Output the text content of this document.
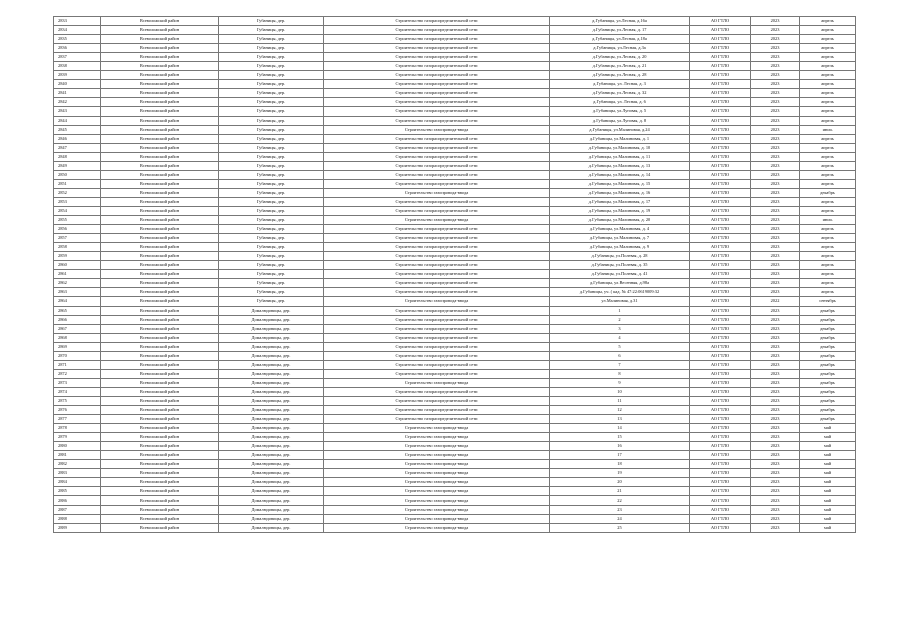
2833	Всеволожский район	Губаницы, дер.	Строительство газораспределительной сети	д.Губаницы, ул.Лесная, д.16а	АО ГТЛО	2023	апрель
2834	Всеволожский район	Губаницы, дер.	Строительство газораспределительной сети	д.Губаницы, ул.Лесная, д. 17	АО ГТЛО	2023	апрель
2835	Всеволожский район	Губаницы, дер.	Строительство газораспределительной сети	д.Губаницы, ул.Лесная, д.18а	АО ГТЛО	2023	апрель
2836	Всеволожский район	Губаницы, дер.	Строительство газораспределительной сети	д.Губаницы, ул.Лесная, д.3а	АО ГТЛО	2023	апрель
2837	Всеволожский район	Губаницы, дер.	Строительство газораспределительной сети	д.Губаницы, ул.Лесная, д. 20	АО ГТЛО	2023	апрель
2838	Всеволожский район	Губаницы, дер.	Строительство газораспределительной сети	д.Губаницы, ул.Лесная, д. 21	АО ГТЛО	2023	апрель
2839	Всеволожский район	Губаницы, дер.	Строительство газораспределительной сети	д.Губаницы, ул.Лесная, д. 28	АО ГТЛО	2023	апрель
2840	Всеволожский район	Губаницы, дер.	Строительство газораспределительной сети	д.Губаницы, ул. Лесная, д. 3	АО ГТЛО	2023	апрель
2841	Всеволожский район	Губаницы, дер.	Строительство газораспределительной сети	д.Губаницы, ул.Лесная, д. 32	АО ГТЛО	2023	апрель
2842	Всеволожский район	Губаницы, дер.	Строительство газораспределительной сети	д.Губаницы, ул. Лесная, д. 6	АО ГТЛО	2023	апрель
2843	Всеволожский район	Губаницы, дер.	Строительство газораспределительной сети	д.Губаницы, ул.Луговая, д. 5	АО ГТЛО	2023	апрель
2844	Всеволожский район	Губаницы, дер.	Строительство газораспределительной сети	д.Губаницы, ул.Луговая, д. 8	АО ГТЛО	2023	апрель
2845	Всеволожский район	Губаницы, дер.	Строительство газопровода-ввода	д.Губаницы, ул.Малиновая, д.24	АО ГТЛО	2023	июль
2846	Всеволожский район	Губаницы, дер.	Строительство газораспределительной сети	д.Губаницы, ул.Малиновая, д. 1	АО ГТЛО	2023	апрель
2847	Всеволожский район	Губаницы, дер.	Строительство газораспределительной сети	д.Губаницы, ул.Малиновая, д. 10	АО ГТЛО	2023	апрель
2848	Всеволожский район	Губаницы, дер.	Строительство газораспределительной сети	д.Губаницы, ул.Малиновая, д. 11	АО ГТЛО	2023	апрель
2849	Всеволожский район	Губаницы, дер.	Строительство газораспределительной сети	д.Губаницы, ул.Малиновая, д. 13	АО ГТЛО	2023	апрель
2850	Всеволожский район	Губаницы, дер.	Строительство газораспределительной сети	д.Губаницы, ул.Малиновая, д. 14	АО ГТЛО	2023	апрель
2851	Всеволожский район	Губаницы, дер.	Строительство газораспределительной сети	д.Губаницы, ул.Малиновая, д. 15	АО ГТЛО	2023	апрель
2852	Всеволожский район	Губаницы, дер.	Строительство газопровода-ввода	д.Губаницы, ул.Малиновая, д. 16	АО ГТЛО	2023	декабрь
2853	Всеволожский район	Губаницы, дер.	Строительство газораспределительной сети	д.Губаницы, ул.Малиновая, д. 17	АО ГТЛО	2023	апрель
2854	Всеволожский район	Губаницы, дер.	Строительство газораспределительной сети	д.Губаницы, ул.Малиновая, д. 19	АО ГТЛО	2023	апрель
2855	Всеволожский район	Губаницы, дер.	Строительство газопровода-ввода	д.Губаницы, ул.Малиновая, д. 20	АО ГТЛО	2023	июль
2856	Всеволожский район	Губаницы, дер.	Строительство газораспределительной сети	д.Губаницы, ул.Малиновая, д. 4	АО ГТЛО	2023	апрель
2857	Всеволожский район	Губаницы, дер.	Строительство газораспределительной сети	д.Губаницы, ул.Малиновая, д. 7	АО ГТЛО	2023	апрель
2858	Всеволожский район	Губаницы, дер.	Строительство газораспределительной сети	д.Губаницы, ул.Малиновая, д. 9	АО ГТЛО	2023	апрель
2859	Всеволожский район	Губаницы, дер.	Строительство газораспределительной сети	д.Губаницы, ул.Полевая, д. 28	АО ГТЛО	2023	апрель
2860	Всеволожский район	Губаницы, дер.	Строительство газораспределительной сети	д.Губаницы, ул.Полевая, д. 35	АО ГТЛО	2023	апрель
2861	Всеволожский район	Губаницы, дер.	Строительство газораспределительной сети	д.Губаницы, ул.Полевая, д. 41	АО ГТЛО	2023	апрель
2862	Всеволожский район	Губаницы, дер.	Строительство газораспределительной сети	д.Губаницы, ул.Весенняя, д.98а	АО ГТЛО	2023	апрель
2863	Всеволожский район	Губаницы, дер.	Строительство газораспределительной сети	д.Губаницы, уч. ( кад. № 47:22:0619009:32	АО ГТЛО	2023	апрель
2864	Всеволожский район	Губаницы, дер.	Строительство газопровода-ввода	ул.Малиновая, д.31	АО ГТЛО	2022	сентябрь
2865	Всеволожский район	Домалюдовицы, дер.	Строительство газораспределительной сети	1	АО ГТЛО	2023	декабрь
2866	Всеволожский район	Домалюдовицы, дер.	Строительство газораспределительной сети	2	АО ГТЛО	2023	декабрь
2867	Всеволожский район	Домалюдовицы, дер.	Строительство газораспределительной сети	3	АО ГТЛО	2023	декабрь
2868	Всеволожский район	Домалюдовицы, дер.	Строительство газораспределительной сети	4	АО ГТЛО	2023	декабрь
2869	Всеволожский район	Домалюдовицы, дер.	Строительство газораспределительной сети	5	АО ГТЛО	2023	декабрь
2870	Всеволожский район	Домалюдовицы, дер.	Строительство газораспределительной сети	6	АО ГТЛО	2023	декабрь
2871	Всеволожский район	Домалюдовицы, дер.	Строительство газораспределительной сети	7	АО ГТЛО	2023	декабрь
2872	Всеволожский район	Домалюдовицы, дер.	Строительство газораспределительной сети	8	АО ГТЛО	2023	декабрь
2873	Всеволожский район	Домалюдовицы, дер.	Строительство газопровода-ввода	9	АО ГТЛО	2023	декабрь
2874	Всеволожский район	Домалюдовицы, дер.	Строительство газораспределительной сети	10	АО ГТЛО	2023	декабрь
2875	Всеволожский район	Домалюдовицы, дер.	Строительство газораспределительной сети	11	АО ГТЛО	2023	декабрь
2876	Всеволожский район	Домалюдовицы, дер.	Строительство газораспределительной сети	12	АО ГТЛО	2023	декабрь
2877	Всеволожский район	Домалюдовицы, дер.	Строительство газораспределительной сети	13	АО ГТЛО	2023	декабрь
2878	Всеволожский район	Домалюдовицы, дер.	Строительство газопровода-ввода	14	АО ГТЛО	2023	май
2879	Всеволожский район	Домалюдовицы, дер.	Строительство газопровода-ввода	15	АО ГТЛО	2023	май
2880	Всеволожский район	Домалюдовицы, дер.	Строительство газопровода-ввода	16	АО ГТЛО	2023	май
2881	Всеволожский район	Домалюдовицы, дер.	Строительство газопровода-ввода	17	АО ГТЛО	2023	май
2882	Всеволожский район	Домалюдовицы, дер.	Строительство газопровода-ввода	18	АО ГТЛО	2023	май
2883	Всеволожский район	Домалюдовицы, дер.	Строительство газопровода-ввода	19	АО ГТЛО	2023	май
2884	Всеволожский район	Домалюдовицы, дер.	Строительство газопровода-ввода	20	АО ГТЛО	2023	май
2885	Всеволожский район	Домалюдовицы, дер.	Строительство газопровода-ввода	21	АО ГТЛО	2023	май
2886	Всеволожский район	Домалюдовицы, дер.	Строительство газопровода-ввода	22	АО ГТЛО	2023	май
2887	Всеволожский район	Домалюдовицы, дер.	Строительство газопровода-ввода	23	АО ГТЛО	2023	май
2888	Всеволожский район	Домалюдовицы, дер.	Строительство газопровода-ввода	24	АО ГТЛО	2023	май
2889	Всеволожский район	Домалюдовицы, дер.	Строительство газопровода-ввода	25	АО ГТЛО	2023	май
